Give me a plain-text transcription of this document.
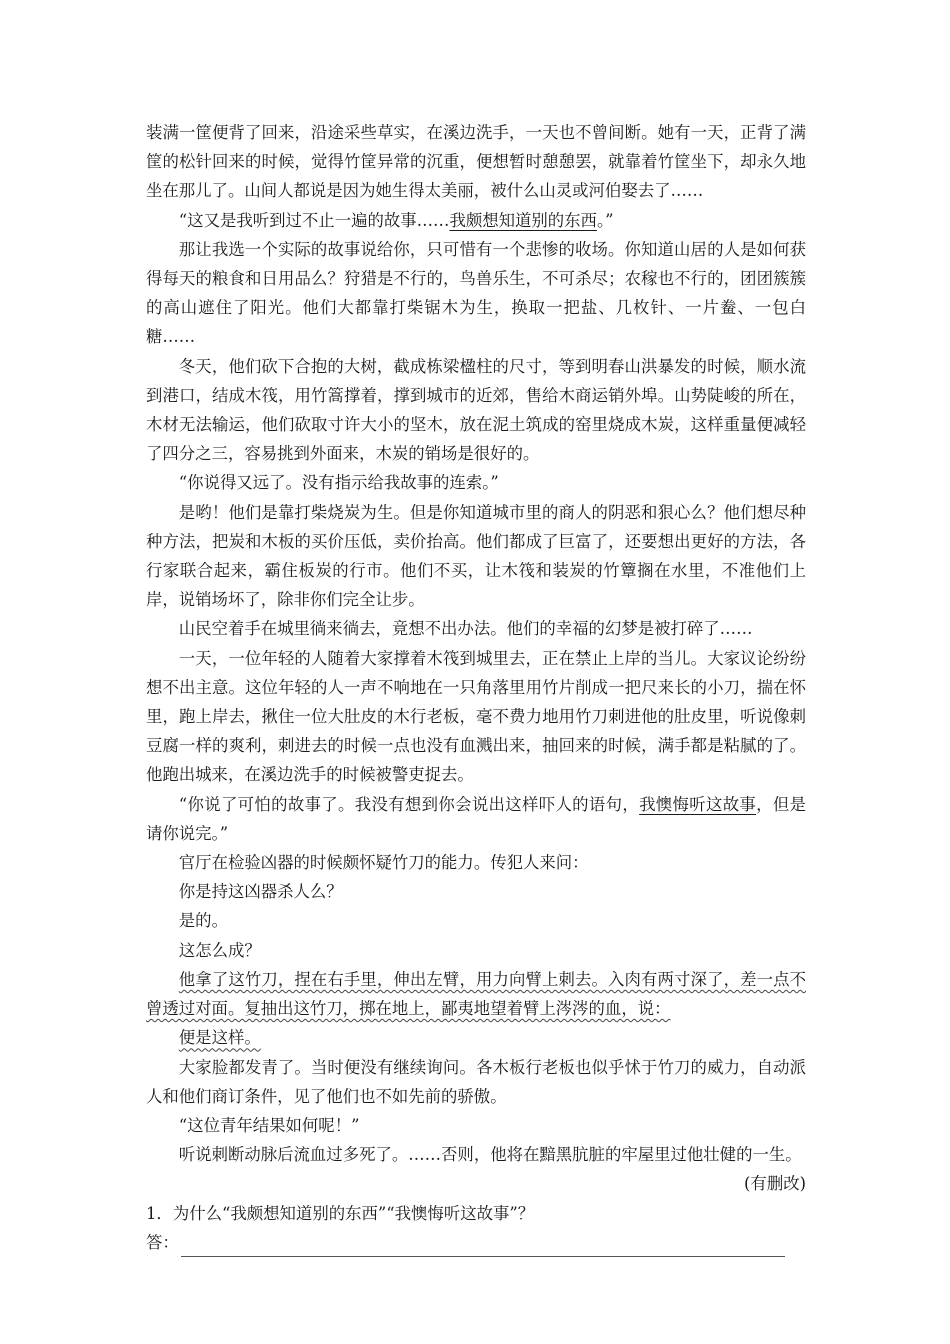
装满一筐便背了回来，沿途采些草实，在溪边洗手，一天也不曾间断。她有一天，正背了满筐的松针回来的时候，觉得竹筐异常的沉重，便想暂时憩憩罢，就靠着竹筐坐下，却永久地坐在那儿了。山间人都说是因为她生得太美丽，被什么山灵或河伯娶去了……

“这又是我听到过不止一遍的故事……我颇想知道别的东西。”

那让我选一个实际的故事说给你，只可惜有一个悲惨的收场。你知道山居的人是如何获得每天的粮食和日用品么？狩猎是不行的，鸟兽乐生，不可杀尽；农稼也不行的，团团簇簇的高山遮住了阳光。他们大都靠打柴锯木为生，换取一把盐、几枚针、一片鲞、一包白糖……

冬天，他们砍下合抱的大树，截成栋梁楹柱的尺寸，等到明春山洪暴发的时候，顺水流到港口，结成木筏，用竹篙撑着，撑到城市的近郊，售给木商运销外埠。山势陡峻的所在，木材无法输运，他们砍取寸许大小的坚木，放在泥土筑成的窑里烧成木炭，这样重量便减轻了四分之三，容易挑到外面来，木炭的销场是很好的。

“你说得又远了。没有指示给我故事的连索。”

是哟！他们是靠打柴烧炭为生。但是你知道城市里的商人的阴恶和狠心么？他们想尽种种方法，把炭和木板的买价压低，卖价抬高。他们都成了巨富了，还要想出更好的方法，各行家联合起来，霸住板炭的行市。他们不买，让木筏和装炭的竹簟搁在水里，不准他们上岸，说销场坏了，除非你们完全让步。

山民空着手在城里徜来徜去，竟想不出办法。他们的幸福的幻梦是被打碎了……

一天，一位年轻的人随着大家撑着木筏到城里去，正在禁止上岸的当儿。大家议论纷纷想不出主意。这位年轻的人一声不响地在一只角落里用竹片削成一把尺来长的小刀，揣在怀里，跑上岸去，揪住一位大肚皮的木行老板，毫不费力地用竹刀刺进他的肚皮里，听说像刺豆腐一样的爽利，刺进去的时候一点也没有血溅出来，抽回来的时候，满手都是粘腻的了。他跑出城来，在溪边洗手的时候被警吏捉去。

“你说了可怕的故事了。我没有想到你会说出这样吓人的语句，我懊悔听这故事，但是请你说完。”

官厅在检验凶器的时候颇怀疑竹刀的能力。传犯人来问：

你是持这凶器杀人么？

是的。

这怎么成？

他拿了这竹刀，捏在右手里，伸出左臂，用力向臂上刺去。入肉有两寸深了，差一点不曾透过对面。复抽出这竹刀，掷在地上，鄙夷地望着臂上涔涔的血，说：

便是这样。

大家脸都发青了。当时便没有继续询问。各木板行老板也似乎怵于竹刀的威力，自动派人和他们商订条件，见了他们也不如先前的骄傲。

“这位青年结果如何呢！”

听说刺断动脉后流血过多死了。……否则，他将在黯黑肮脏的牢屋里过他壮健的一生。

(有删改)

1．为什么“我颇想知道别的东西”“我懊悔听这故事”？

答：
